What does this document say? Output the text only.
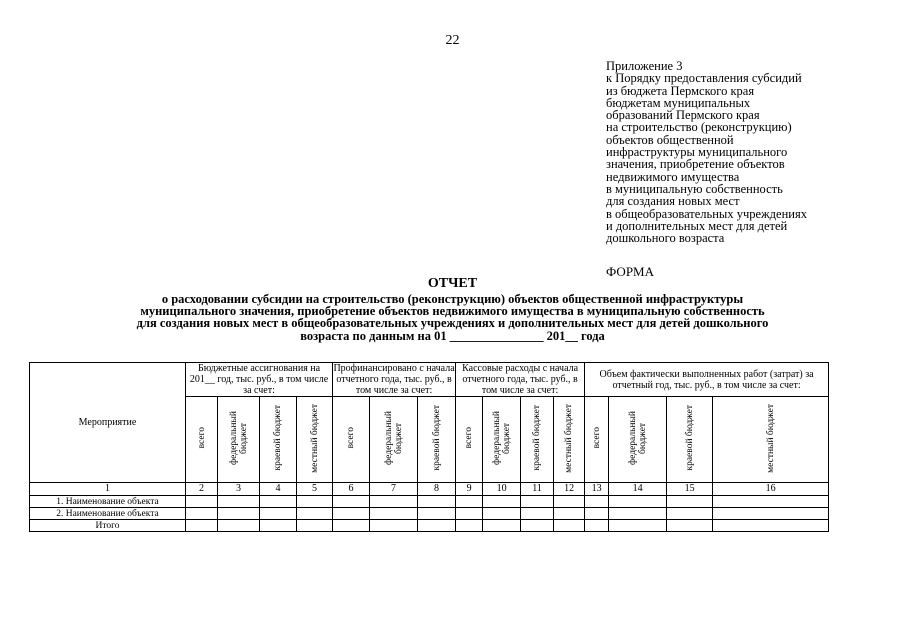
22
Приложение 3
к Порядку предоставления субсидий
из бюджета Пермского края
бюджетам муниципальных
образований Пермского края
на строительство (реконструкцию)
объектов общественной
инфраструктуры муниципального
значения, приобретение объектов
недвижимого имущества
в муниципальную собственность
для создания новых мест
в общеобразовательных учреждениях
и дополнительных мест для детей
дошкольного возраста
ФОРМА
ОТЧЕТ
о расходовании субсидии на строительство (реконструкцию) объектов общественной инфраструктуры
муниципального значения, приобретение объектов недвижимого имущества в муниципальную собственность
для создания новых мест в общеобразовательных учреждениях и дополнительных мест для детей дошкольного
возраста по данным на 01 _______________ 201__ года
Мероприятие	Бюджетные ассигнования на 201__ год, тыс. руб., в том числе за счет:				Профинансировано с начала отчетного года, тыс. руб., в том числе за счет:			Кассовые расходы с начала отчетного года, тыс. руб., в том числе за счет:				Объем фактически выполненных работ (затрат) за отчетный год, тыс. руб., в том числе за счет:			
	всего	федеральный бюджет	краевой бюджет	местный бюджет	всего	федеральный бюджет	краевой бюджет	всего	федеральный бюджет	краевой бюджет	местный бюджет	всего	федеральный бюджет	краевой бюджет	местный бюджет
1	2	3	4	5	6	7	8	9	10	11	12	13	14	15	16
1. Наименование объекта															
2. Наименование объекта															
Итого															
